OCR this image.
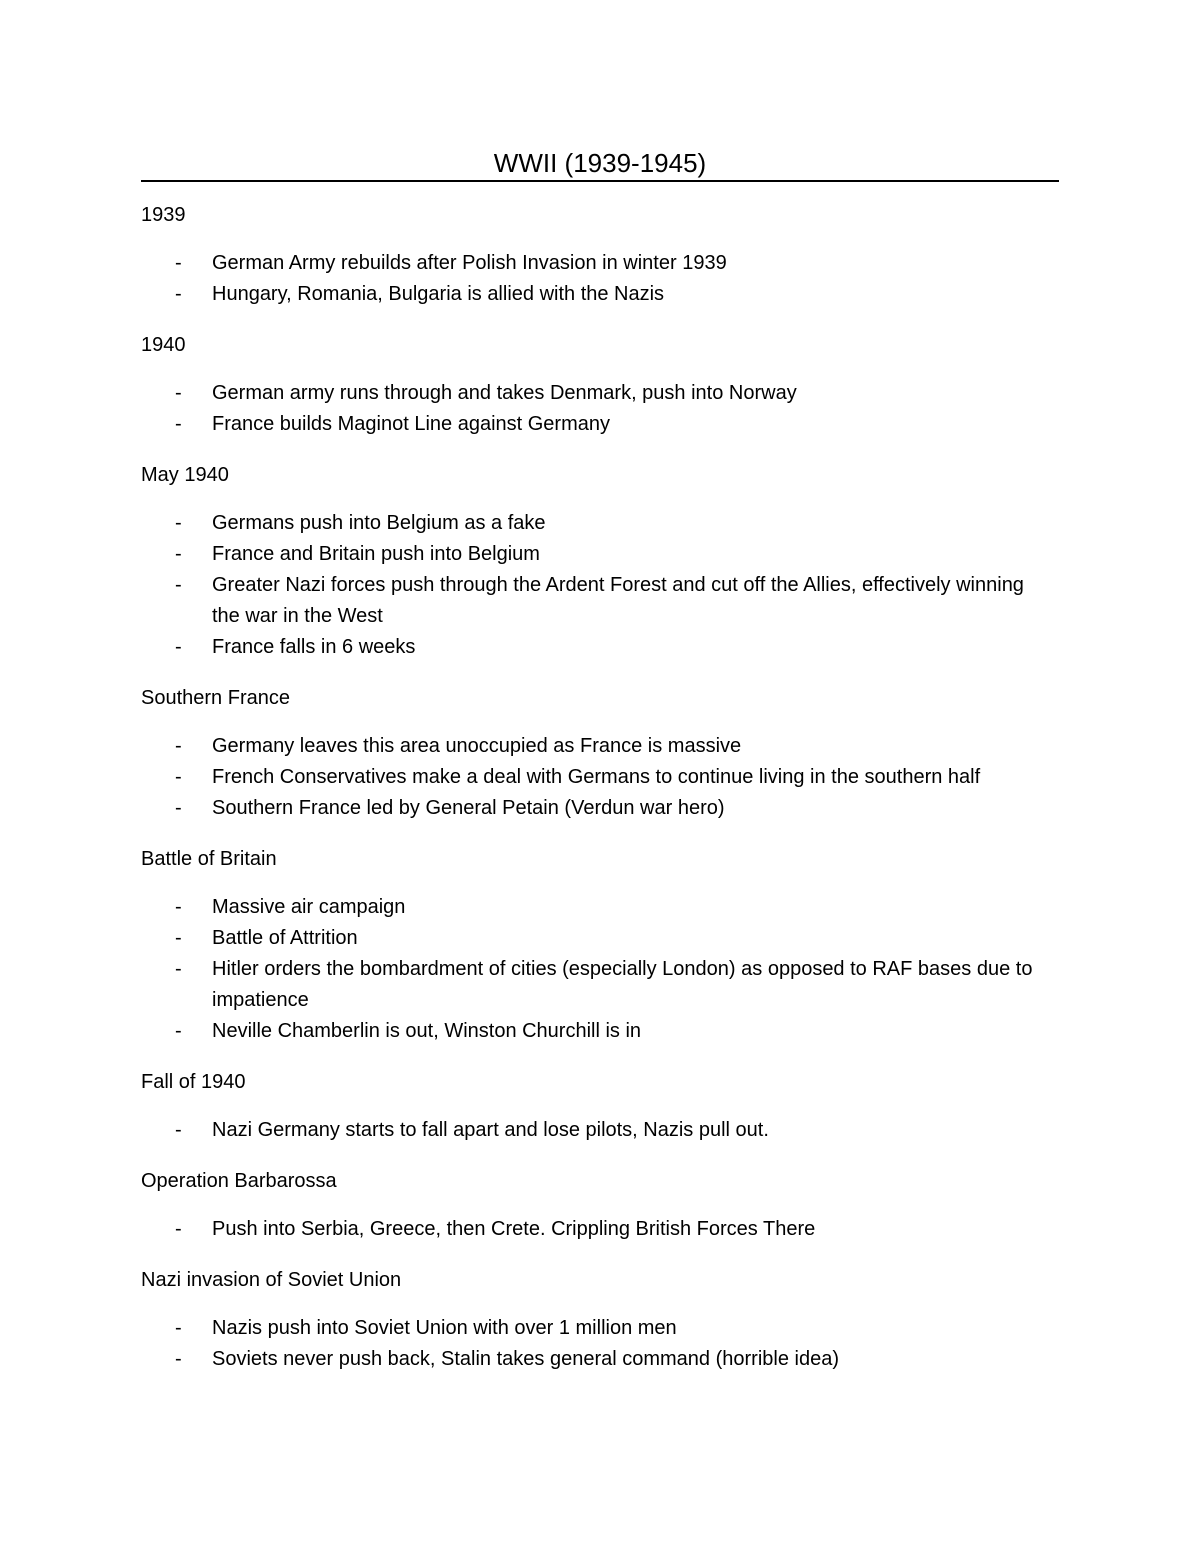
WWII (1939-1945)
1939
- German Army rebuilds after Polish Invasion in winter 1939
- Hungary, Romania, Bulgaria is allied with the Nazis
1940
- German army runs through and takes Denmark, push into Norway
- France builds Maginot Line against Germany
May 1940
- Germans push into Belgium as a fake
- France and Britain push into Belgium
- Greater Nazi forces push through the Ardent Forest and cut off the Allies, effectively winning the war in the West
- France falls in 6 weeks
Southern France
- Germany leaves this area unoccupied as France is massive
- French Conservatives make a deal with Germans to continue living in the southern half
- Southern France led by General Petain (Verdun war hero)
Battle of Britain
- Massive air campaign
- Battle of Attrition
- Hitler orders the bombardment of cities (especially London) as opposed to RAF bases due to impatience
- Neville Chamberlin is out, Winston Churchill is in
Fall of 1940
- Nazi Germany starts to fall apart and lose pilots, Nazis pull out.
Operation Barbarossa
- Push into Serbia, Greece, then Crete. Crippling British Forces There
Nazi invasion of Soviet Union
- Nazis push into Soviet Union with over 1 million men
- Soviets never push back, Stalin takes general command (horrible idea)
